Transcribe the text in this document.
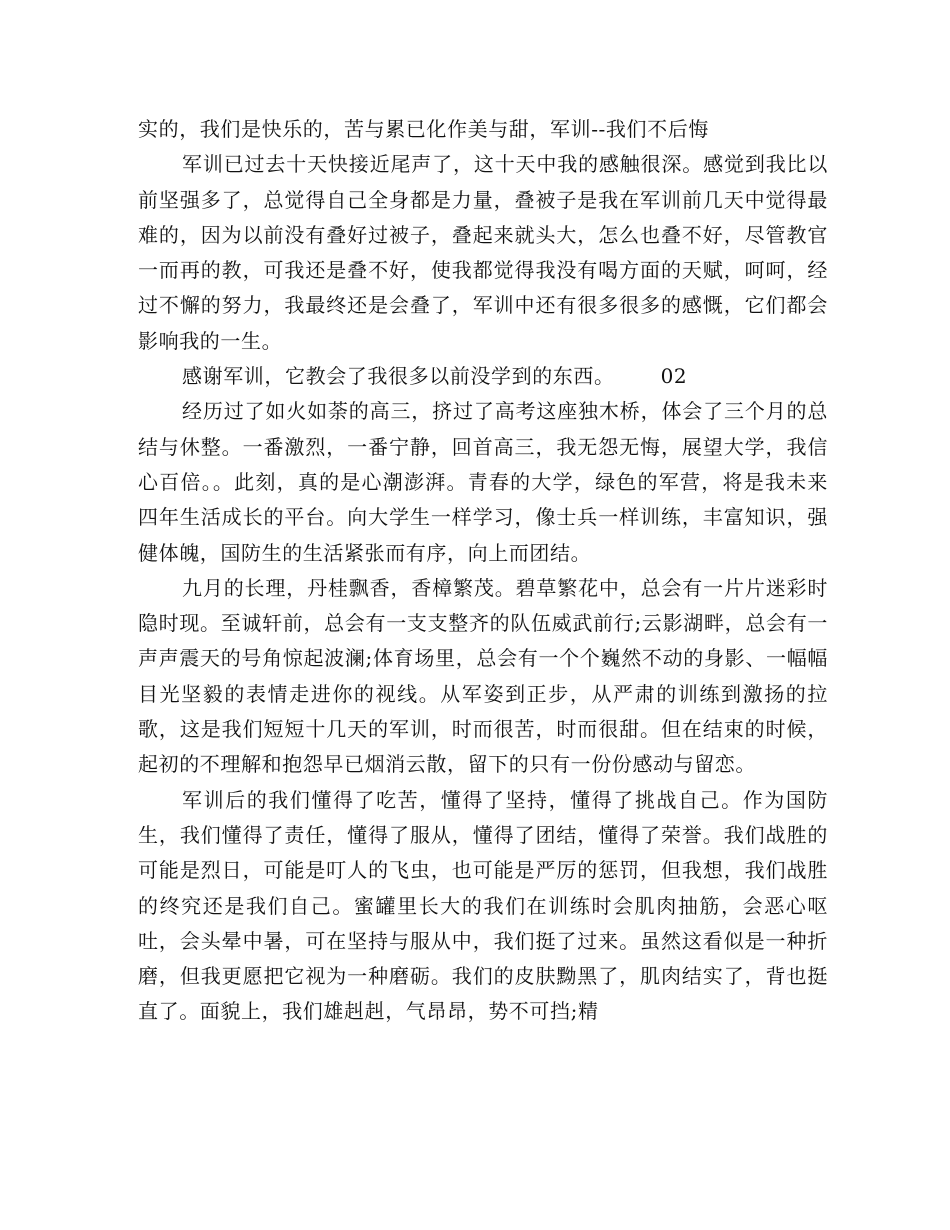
实的，我们是快乐的，苦与累已化作美与甜，军训--我们不后悔

军训已过去十天快接近尾声了，这十天中我的感触很深。感觉到我比以前坚强多了，总觉得自己全身都是力量，叠被子是我在军训前几天中觉得最难的，因为以前没有叠好过被子，叠起来就头大，怎么也叠不好，尽管教官一而再的教，可我还是叠不好，使我都觉得我没有喝方面的天赋，呵呵，经过不懈的努力，我最终还是会叠了，军训中还有很多很多的感慨，它们都会影响我的一生。

感谢军训，它教会了我很多以前没学到的东西。 02

经历过了如火如荼的高三，挤过了高考这座独木桥，体会了三个月的总结与休整。一番激烈，一番宁静，回首高三，我无怨无悔，展望大学，我信心百倍。。此刻，真的是心潮澎湃。青春的大学，绿色的军营，将是我未来四年生活成长的平台。向大学生一样学习，像士兵一样训练，丰富知识，强健体魄，国防生的生活紧张而有序，向上而团结。

九月的长理，丹桂飘香，香樟繁茂。碧草繁花中，总会有一片片迷彩时隐时现。至诚轩前，总会有一支支整齐的队伍威武前行;云影湖畔，总会有一声声震天的号角惊起波澜;体育场里，总会有一个个巍然不动的身影、一幅幅目光坚毅的表情走进你的视线。从军姿到正步，从严肃的训练到激扬的拉歌，这是我们短短十几天的军训，时而很苦，时而很甜。但在结束的时候，起初的不理解和抱怨早已烟消云散，留下的只有一份份感动与留恋。

军训后的我们懂得了吃苦，懂得了坚持，懂得了挑战自己。作为国防生，我们懂得了责任，懂得了服从，懂得了团结，懂得了荣誉。我们战胜的可能是烈日，可能是叮人的飞虫，也可能是严厉的惩罚，但我想，我们战胜的终究还是我们自己。蜜罐里长大的我们在训练时会肌肉抽筋，会恶心呕吐，会头晕中暑，可在坚持与服从中，我们挺了过来。虽然这看似是一种折磨，但我更愿把它视为一种磨砺。我们的皮肤黝黑了，肌肉结实了，背也挺直了。面貌上，我们雄赳赳，气昂昂，势不可挡;精
